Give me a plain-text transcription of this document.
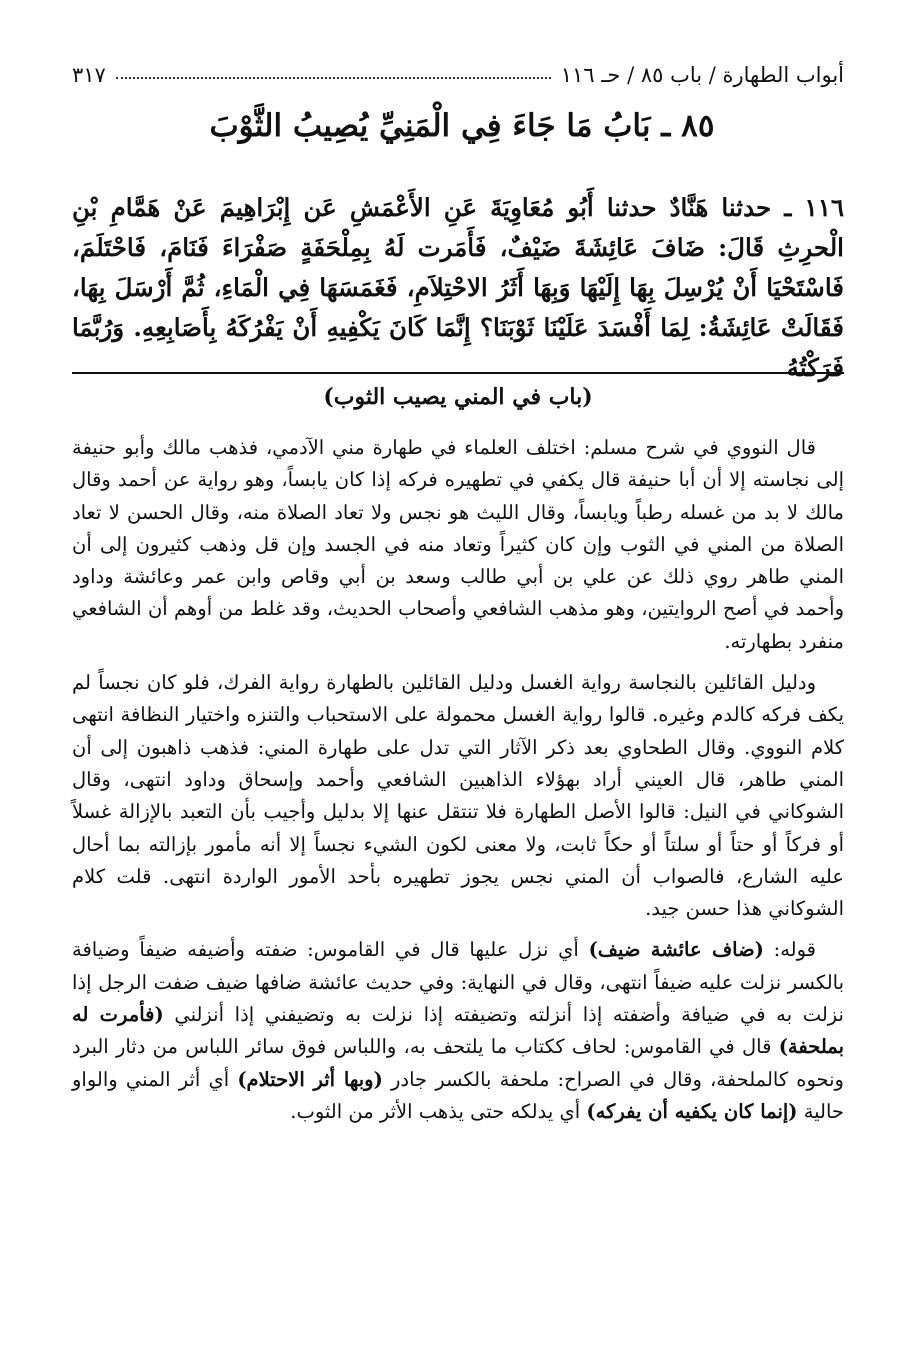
أبواب الطهارة / باب ٨٥ / حـ ١١٦
٣١٧
٨٥ ـ بَابُ مَا جَاءَ فِي الْمَنِيِّ يُصِيبُ الثَّوْبَ
١١٦ ـ حدثنا هَنَّادٌ حدثنا أَبُو مُعَاوِيَةَ عَنِ الأَعْمَشِ عَن إِبْرَاهِيمَ عَنْ هَمَّامِ بْنِ الْحرِثِ قَالَ: ضَافَ عَائِشَةَ ضَيْفٌ، فَأَمَرت لَهُ بِمِلْحَفَةٍ صَفْرَاءَ فَنَامَ، فَاحْتَلَمَ، فَاسْتَحْيَا أَنْ يُرْسِلَ بِهَا إِلَيْهَا وَبِهَا أَثَرُ الاحْتِلاَمِ، فَغَمَسَهَا فِي الْمَاءِ، ثُمَّ أَرْسَلَ بِهَا، فَقَالَتْ عَائِشَةُ: لِمَا أَفْسَدَ عَلَيْنَا ثَوْبَنَا؟ إِنَّمَا كَانَ يَكْفِيهِ أَنْ يَفْرُكَهُ بِأَصَابِعِهِ. وَرُبَّمَا فَرَكْتُهُ
(باب في المني يصيب الثوب)

قال النووي في شرح مسلم: اختلف العلماء في طهارة مني الآدمي، فذهب مالك وأبو حنيفة إلى نجاسته إلا أن أبا حنيفة قال يكفي في تطهيره فركه إذا كان يابساً، وهو رواية عن أحمد وقال مالك لا بد من غسله رطباً ويابساً، وقال الليث هو نجس ولا تعاد الصلاة منه، وقال الحسن لا تعاد الصلاة من المني في الثوب وإن كان كثيراً وتعاد منه في الجسد وإن قل وذهب كثيرون إلى أن المني طاهر روي ذلك عن علي بن أبي طالب وسعد بن أبي وقاص وابن عمر وعائشة وداود وأحمد في أصح الروايتين، وهو مذهب الشافعي وأصحاب الحديث، وقد غلط من أوهم أن الشافعي منفرد بطهارته.

ودليل القائلين بالنجاسة رواية الغسل ودليل القائلين بالطهارة رواية الفرك، فلو كان نجساً لم يكف فركه كالدم وغيره. قالوا رواية الغسل محمولة على الاستحباب والتنزه واختيار النظافة انتهى كلام النووي. وقال الطحاوي بعد ذكر الآثار التي تدل على طهارة المني: فذهب ذاهبون إلى أن المني طاهر، قال العيني أراد بهؤلاء الذاهبين الشافعي وأحمد وإسحاق وداود انتهى، وقال الشوكاني في النيل: قالوا الأصل الطهارة فلا تنتقل عنها إلا بدليل وأجيب بأن التعبد بالإزالة غسلاً أو فركاً أو حتاً أو سلتاً أو حكاً ثابت، ولا معنى لكون الشيء نجساً إلا أنه مأمور بإزالته بما أحال عليه الشارع، فالصواب أن المني نجس يجوز تطهيره بأحد الأمور الواردة انتهى. قلت كلام الشوكاني هذا حسن جيد.

قوله: (ضاف عائشة ضيف) أي نزل عليها قال في القاموس: ضفته وأضيفه ضيفاً وضيافة بالكسر نزلت عليه ضيفاً انتهى، وقال في النهاية: وفي حديث عائشة ضافها ضيف ضفت الرجل إذا نزلت به في ضيافة وأضفته إذا أنزلته وتضيفته إذا نزلت به وتضيفني إذا أنزلني (فأمرت له بملحفة) قال في القاموس: لحاف ككتاب ما يلتحف به، واللباس فوق سائر اللباس من دثار البرد ونحوه كالملحفة، وقال في الصراح: ملحفة بالكسر جادر (وبها أثر الاحتلام) أي أثر المني والواو حالية (إنما كان يكفيه أن يفركه) أي يدلكه حتى يذهب الأثر من الثوب.
